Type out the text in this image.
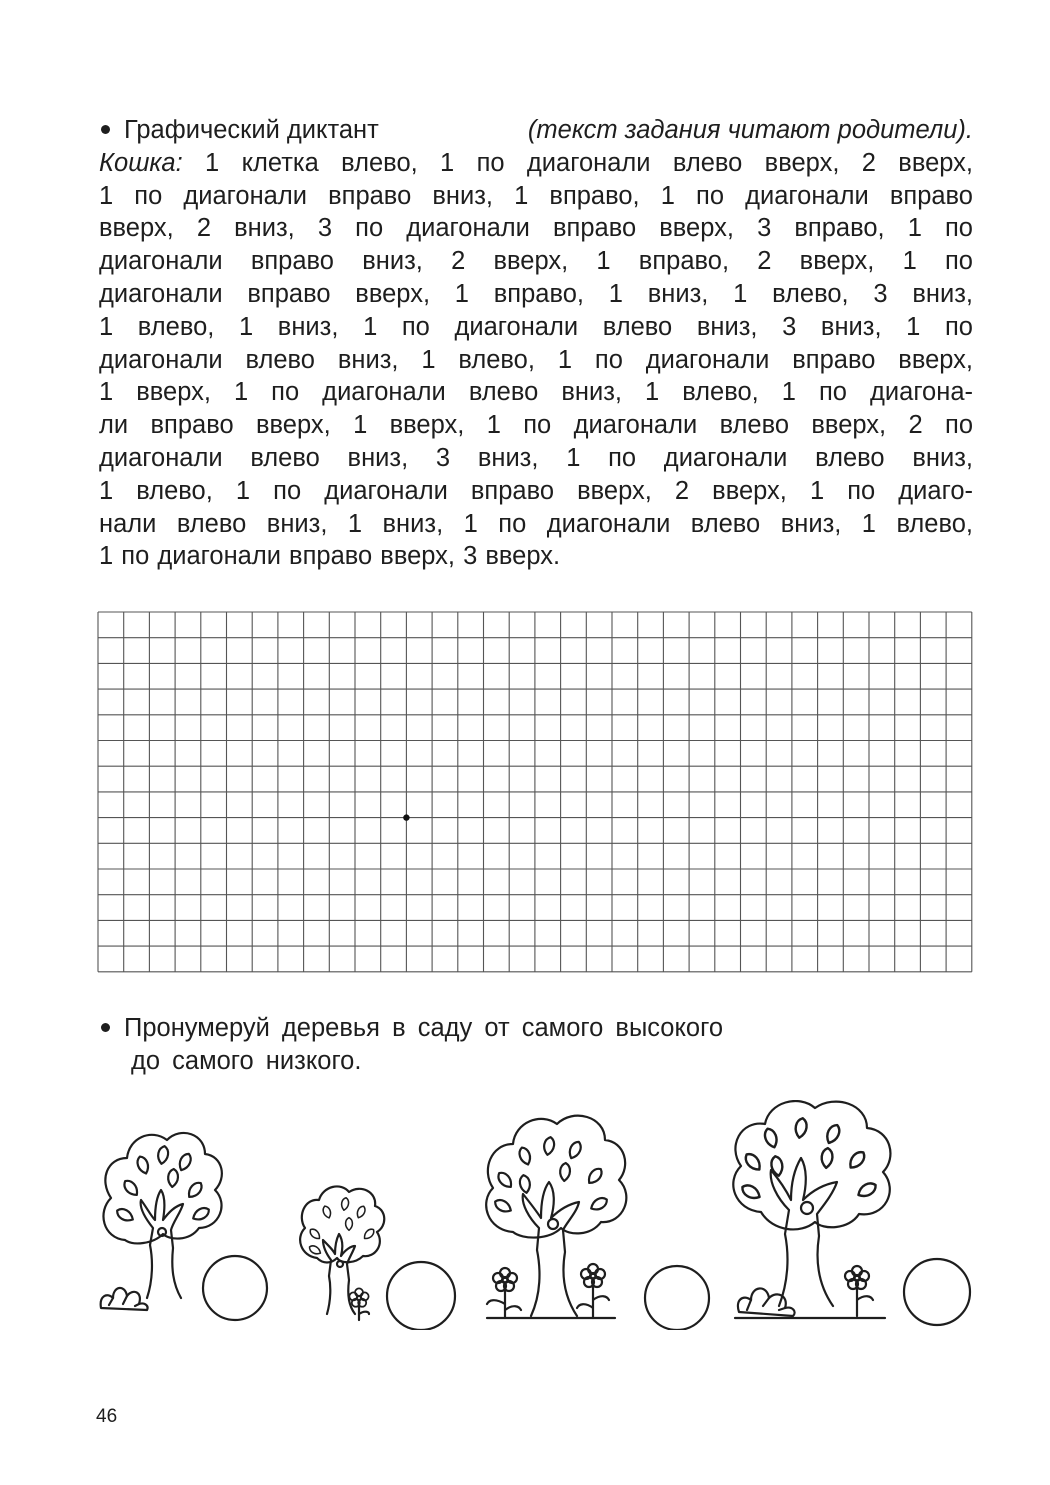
Графический диктант	(текст задания читают родители).
Кошка: 1 клетка влево, 1 по диагонали влево вверх, 2 вверх,
1 по диагонали вправо вниз, 1 вправо, 1 по диагонали вправо
вверх, 2 вниз, 3 по диагонали вправо вверх, 3 вправо, 1 по
диагонали вправо вниз, 2 вверх, 1 вправо, 2 вверх, 1 по
диагонали вправо вверх, 1 вправо, 1 вниз, 1 влево, 3 вниз,
1 влево, 1 вниз, 1 по диагонали влево вниз, 3 вниз, 1 по
диагонали влево вниз, 1 влево, 1 по диагонали вправо вверх,
1 вверх, 1 по диагонали влево вниз, 1 влево, 1 по диагона-
ли вправо вверх, 1 вверх, 1 по диагонали влево вверх, 2 по
диагонали влево вниз, 3 вниз, 1 по диагонали влево вниз,
1 влево, 1 по диагонали вправо вверх, 2 вверх, 1 по диаго-
нали влево вниз, 1 вниз, 1 по диагонали влево вниз, 1 влево,
1 по диагонали вправо вверх, 3 вверх.
Пронумеруй деревья в саду от самого высокого
до самого низкого.
46
